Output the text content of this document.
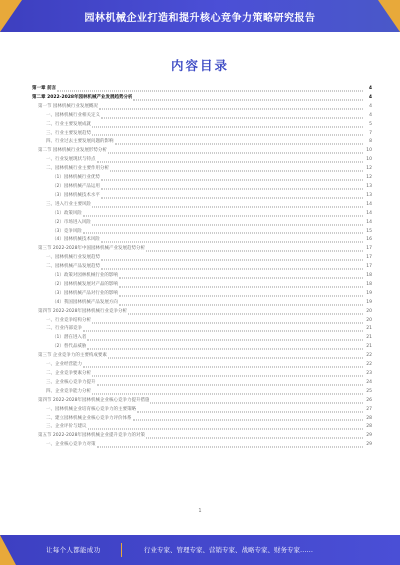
园林机械企业打造和提升核心竞争力策略研究报告
内容目录
第一章 前言	4
第二章 2022-2028年园林机械产业发展趋势分析	4
第一节 园林机械行业发展概况	4
一、园林机械行业相关定义	4
二、行业主要发展成就	5
三、行业主要发展趋势	7
四、行业过去主要发展问题的影响	8
第二节 园林机械行业发展形势分析	10
一、行业发展现状与特点	10
二、园林机械行业主要作用分析	12
（1）园林机械行业优势	12
（2）园林机械产品运用	13
（3）园林机械技术水平	13
三、进入行业主要风险	14
（1）政策风险	14
（2）市场进入风险	14
（3）竞争风险	15
（4）园林机械技术风险	16
第三节 2022-2028年中国园林机械产业发展趋势分析	17
一、园林机械行业发展趋势	17
二、园林机械产品发展趋势	17
（1）政策对园林机械行业的影响	18
（2）园林机械发展对产品的影响	18
（3）园林机械产品对行业的影响	19
（4）我国园林机械产品发展方向	19
第四节 2022-2028年园林机械行业竞争分析	20
一、行业竞争结构分析	20
二、行业内部竞争	21
（1）潜在进入者	21
（2）替代品威胁	21
第三节 企业竞争力的主要构成要素	22
一、企业经营能力	22
二、企业竞争要素分析	23
三、企业核心竞争力提升	24
四、企业竞争能力分析	25
第四节 2022-2028年园林机械企业核心竞争力提升措施	26
一、园林机械企业培育核心竞争力的主要策略	27
二、建立园林机械企业核心竞争力评价体系	28
三、企业评价与建议	28
第五节 2022-2028年园林机械企业提升竞争力的对策	29
一、企业核心竞争力对策	29
1
让每个人都能成功	行业专家、管理专家、营销专家、战略专家、财务专家……
